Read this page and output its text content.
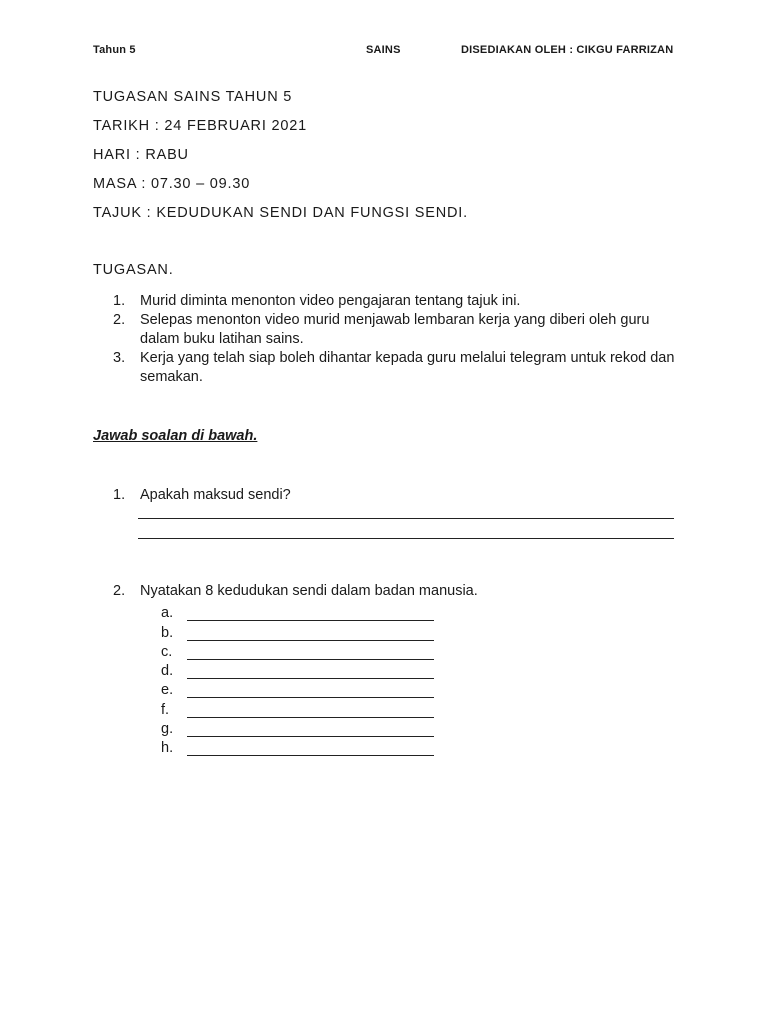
Tahun 5	SAINS	DISEDIAKAN OLEH : CIKGU FARRIZAN
TUGASAN SAINS TAHUN 5
TARIKH : 24 FEBRUARI 2021
HARI : RABU
MASA : 07.30 – 09.30
TAJUK : KEDUDUKAN SENDI DAN FUNGSI SENDI.
TUGASAN.
1.	Murid diminta menonton video pengajaran tentang tajuk ini.
2.	Selepas menonton video murid menjawab lembaran kerja yang diberi oleh guru dalam buku latihan sains.
3.	Kerja yang telah siap boleh dihantar kepada guru melalui telegram untuk rekod dan semakan.
Jawab soalan di bawah.
1.	Apakah maksud sendi?
2.	Nyatakan 8 kedudukan sendi dalam badan manusia.
a.
b.
c.
d.
e.
f.
g.
h.
